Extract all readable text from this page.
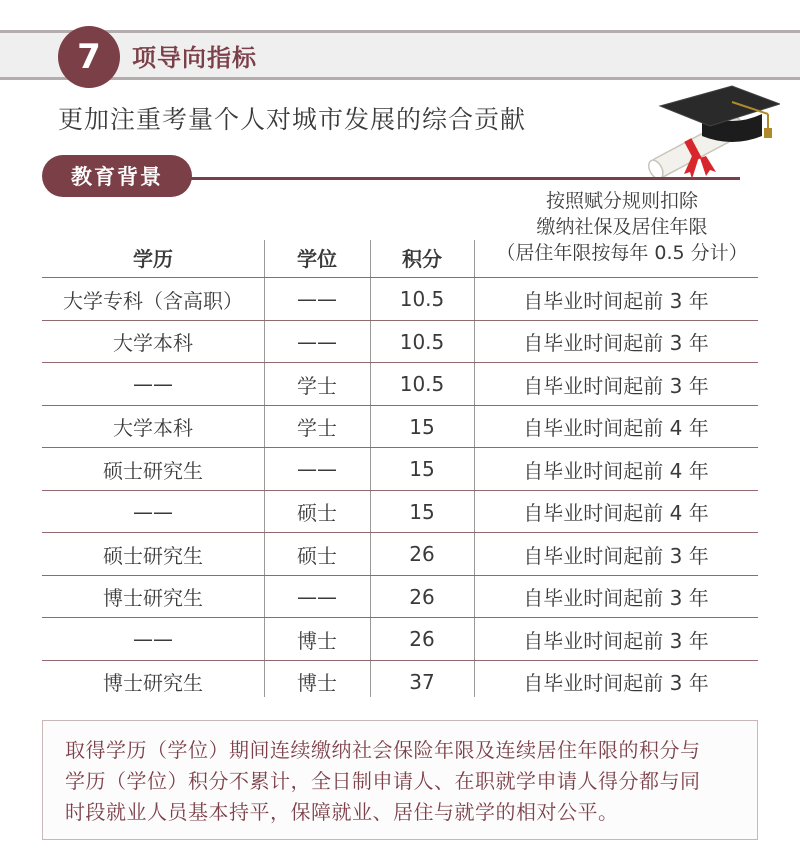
7	项导向指标
更加注重考量个人对城市发展的综合贡献
教育背景
按照赋分规则扣除
缴纳社保及居住年限
（居住年限按每年 0.5 分计）
学历	学位	积分
大学专科（含高职）	——	10.5	自毕业时间起前 3 年
大学本科	——	10.5	自毕业时间起前 3 年
——	学士	10.5	自毕业时间起前 3 年
大学本科	学士	15	自毕业时间起前 4 年
硕士研究生	——	15	自毕业时间起前 4 年
——	硕士	15	自毕业时间起前 4 年
硕士研究生	硕士	26	自毕业时间起前 3 年
博士研究生	——	26	自毕业时间起前 3 年
——	博士	26	自毕业时间起前 3 年
博士研究生	博士	37	自毕业时间起前 3 年
取得学历（学位）期间连续缴纳社会保险年限及连续居住年限的积分与
学历（学位）积分不累计，全日制申请人、在职就学申请人得分都与同
时段就业人员基本持平，保障就业、居住与就学的相对公平。
